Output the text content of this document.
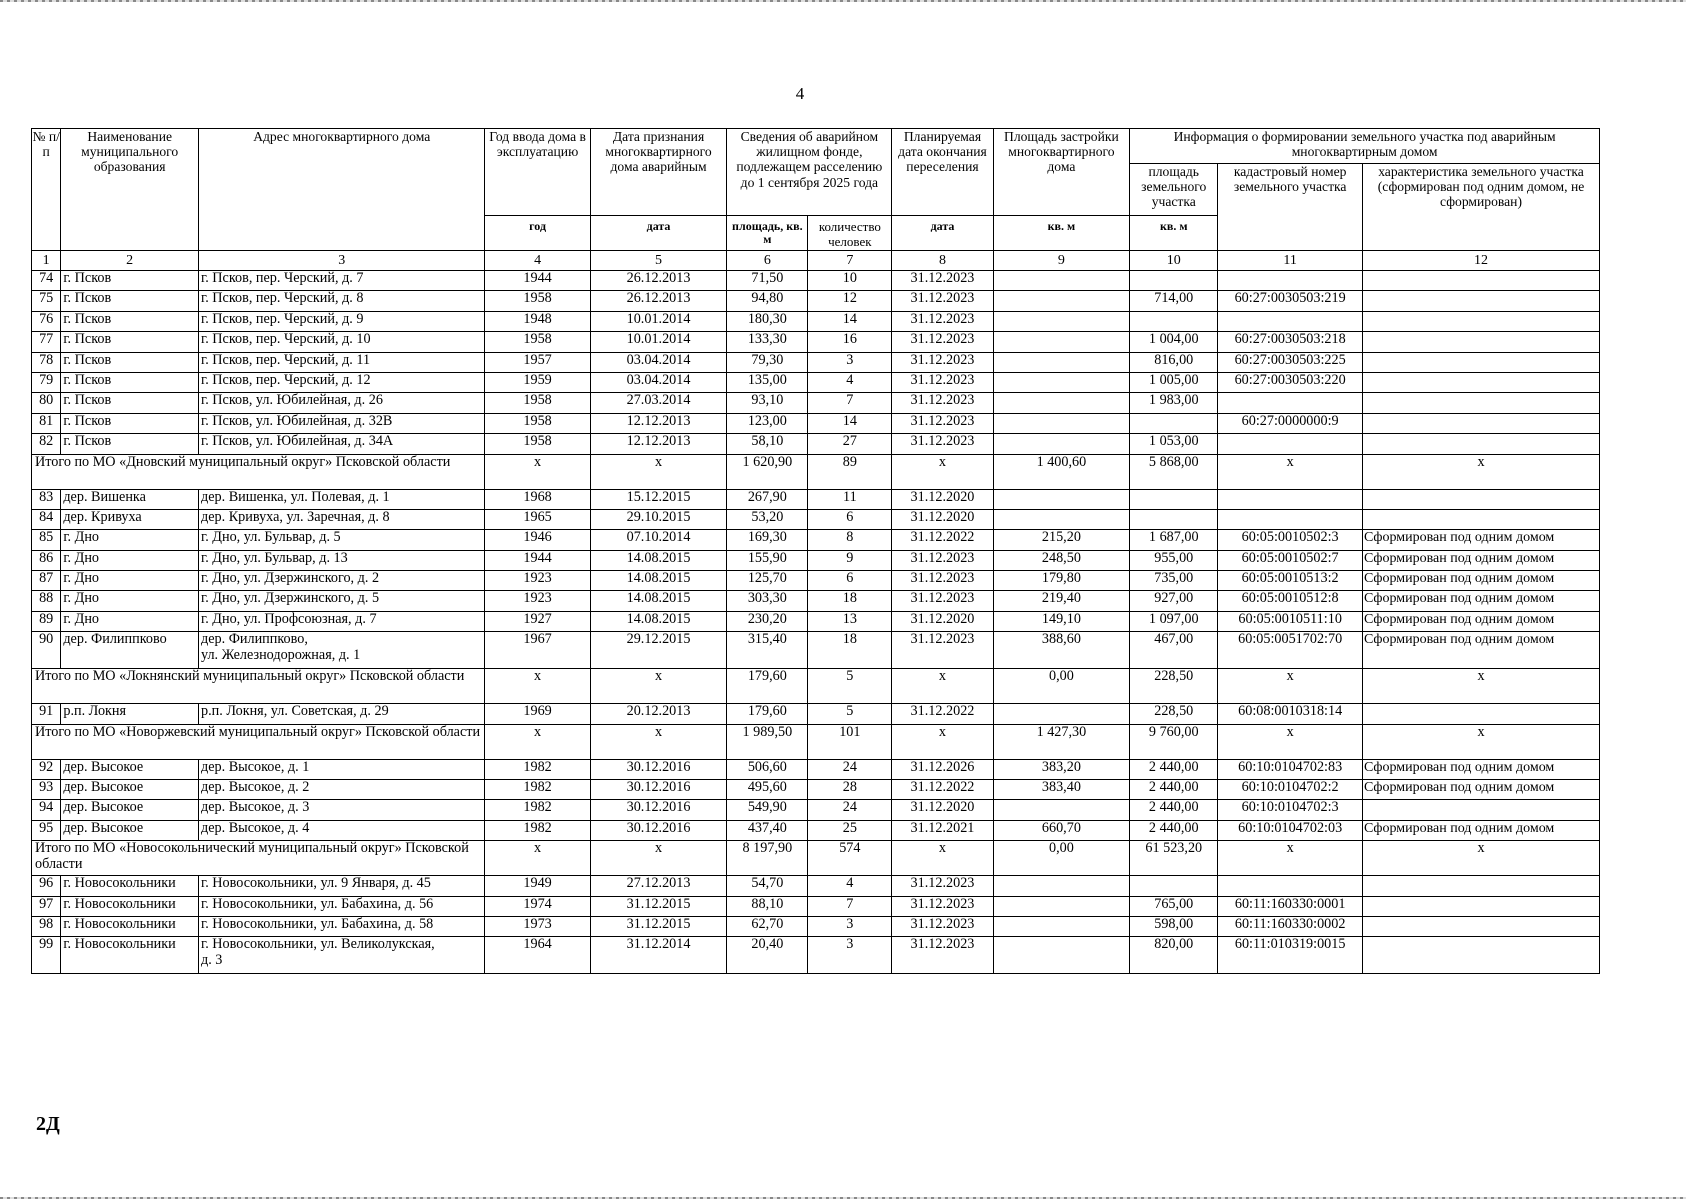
4
№ п/п	Наименование муниципального образования	Адрес многоквартирного дома	Год ввода дома в эксплуатацию	Дата признания многоквартирного дома аварийным	Сведения об аварийном жилищном фонде, подлежащем расселению до 1 сентября 2025 года		Планируемая дата окончания переселения	Площадь застройки многоквартирного дома	Информация о формировании земельного участка под аварийным многоквартирным домом		
									площадь земельного участка	кадастровый номер земельного участка	характеристика земельного участка (сформирован под одним домом, не сформирован)
			год	дата	площадь, кв. м	количество человек	дата	кв. м	кв. м		
1	2	3	4	5	6	7	8	9	10	11	12
74	г. Псков	г. Псков, пер. Черский, д. 7	1944	26.12.2013	71,50	10	31.12.2023				
75	г. Псков	г. Псков, пер. Черский, д. 8	1958	26.12.2013	94,80	12	31.12.2023		714,00	60:27:0030503:219	
76	г. Псков	г. Псков, пер. Черский, д. 9	1948	10.01.2014	180,30	14	31.12.2023				
77	г. Псков	г. Псков, пер. Черский, д. 10	1958	10.01.2014	133,30	16	31.12.2023		1 004,00	60:27:0030503:218	
78	г. Псков	г. Псков, пер. Черский, д. 11	1957	03.04.2014	79,30	3	31.12.2023		816,00	60:27:0030503:225	
79	г. Псков	г. Псков, пер. Черский, д. 12	1959	03.04.2014	135,00	4	31.12.2023		1 005,00	60:27:0030503:220	
80	г. Псков	г. Псков, ул. Юбилейная, д. 26	1958	27.03.2014	93,10	7	31.12.2023		1 983,00		
81	г. Псков	г. Псков, ул. Юбилейная, д. 32В	1958	12.12.2013	123,00	14	31.12.2023			60:27:0000000:9	
82	г. Псков	г. Псков, ул. Юбилейная, д. 34А	1958	12.12.2013	58,10	27	31.12.2023		1 053,00		
Итого по МО «Дновский муниципальный округ» Псковской области			x	x	1 620,90	89	x	1 400,60	5 868,00	x	x
83	дер. Вишенка	дер. Вишенка, ул. Полевая, д. 1	1968	15.12.2015	267,90	11	31.12.2020				
84	дер. Кривуха	дер. Кривуха, ул. Заречная, д. 8	1965	29.10.2015	53,20	6	31.12.2020				
85	г. Дно	г. Дно, ул. Бульвар, д. 5	1946	07.10.2014	169,30	8	31.12.2022	215,20	1 687,00	60:05:0010502:3	Сформирован под одним домом
86	г. Дно	г. Дно, ул. Бульвар, д. 13	1944	14.08.2015	155,90	9	31.12.2023	248,50	955,00	60:05:0010502:7	Сформирован под одним домом
87	г. Дно	г. Дно, ул. Дзержинского, д. 2	1923	14.08.2015	125,70	6	31.12.2023	179,80	735,00	60:05:0010513:2	Сформирован под одним домом
88	г. Дно	г. Дно, ул. Дзержинского, д. 5	1923	14.08.2015	303,30	18	31.12.2023	219,40	927,00	60:05:0010512:8	Сформирован под одним домом
89	г. Дно	г. Дно, ул. Профсоюзная, д. 7	1927	14.08.2015	230,20	13	31.12.2020	149,10	1 097,00	60:05:0010511:10	Сформирован под одним домом
90	дер. Филиппково	дер. Филиппково,
ул. Железнодорожная, д. 1	1967	29.12.2015	315,40	18	31.12.2023	388,60	467,00	60:05:0051702:70	Сформирован под одним домом
Итого по МО «Локнянский муниципальный округ» Псковской области			x	x	179,60	5	x	0,00	228,50	x	x
91	р.п. Локня	р.п. Локня, ул. Советская, д. 29	1969	20.12.2013	179,60	5	31.12.2022		228,50	60:08:0010318:14	
Итого по МО «Новоржевский муниципальный округ» Псковской области			x	x	1 989,50	101	x	1 427,30	9 760,00	x	x
92	дер. Высокое	дер. Высокое, д. 1	1982	30.12.2016	506,60	24	31.12.2026	383,20	2 440,00	60:10:0104702:83	Сформирован под одним домом
93	дер. Высокое	дер. Высокое, д. 2	1982	30.12.2016	495,60	28	31.12.2022	383,40	2 440,00	60:10:0104702:2	Сформирован под одним домом
94	дер. Высокое	дер. Высокое, д. 3	1982	30.12.2016	549,90	24	31.12.2020		2 440,00	60:10:0104702:3	
95	дер. Высокое	дер. Высокое, д. 4	1982	30.12.2016	437,40	25	31.12.2021	660,70	2 440,00	60:10:0104702:03	Сформирован под одним домом
Итого по МО «Новосокольнический муниципальный округ» Псковской области			x	x	8 197,90	574	x	0,00	61 523,20	x	x
96	г. Новосокольники	г. Новосокольники, ул. 9 Января, д. 45	1949	27.12.2013	54,70	4	31.12.2023				
97	г. Новосокольники	г. Новосокольники, ул. Бабахина, д. 56	1974	31.12.2015	88,10	7	31.12.2023		765,00	60:11:160330:0001	
98	г. Новосокольники	г. Новосокольники, ул. Бабахина, д. 58	1973	31.12.2015	62,70	3	31.12.2023		598,00	60:11:160330:0002	
99	г. Новосокольники	г. Новосокольники, ул. Великолукская,
д. 3	1964	31.12.2014	20,40	3	31.12.2023		820,00	60:11:010319:0015	
2Д
